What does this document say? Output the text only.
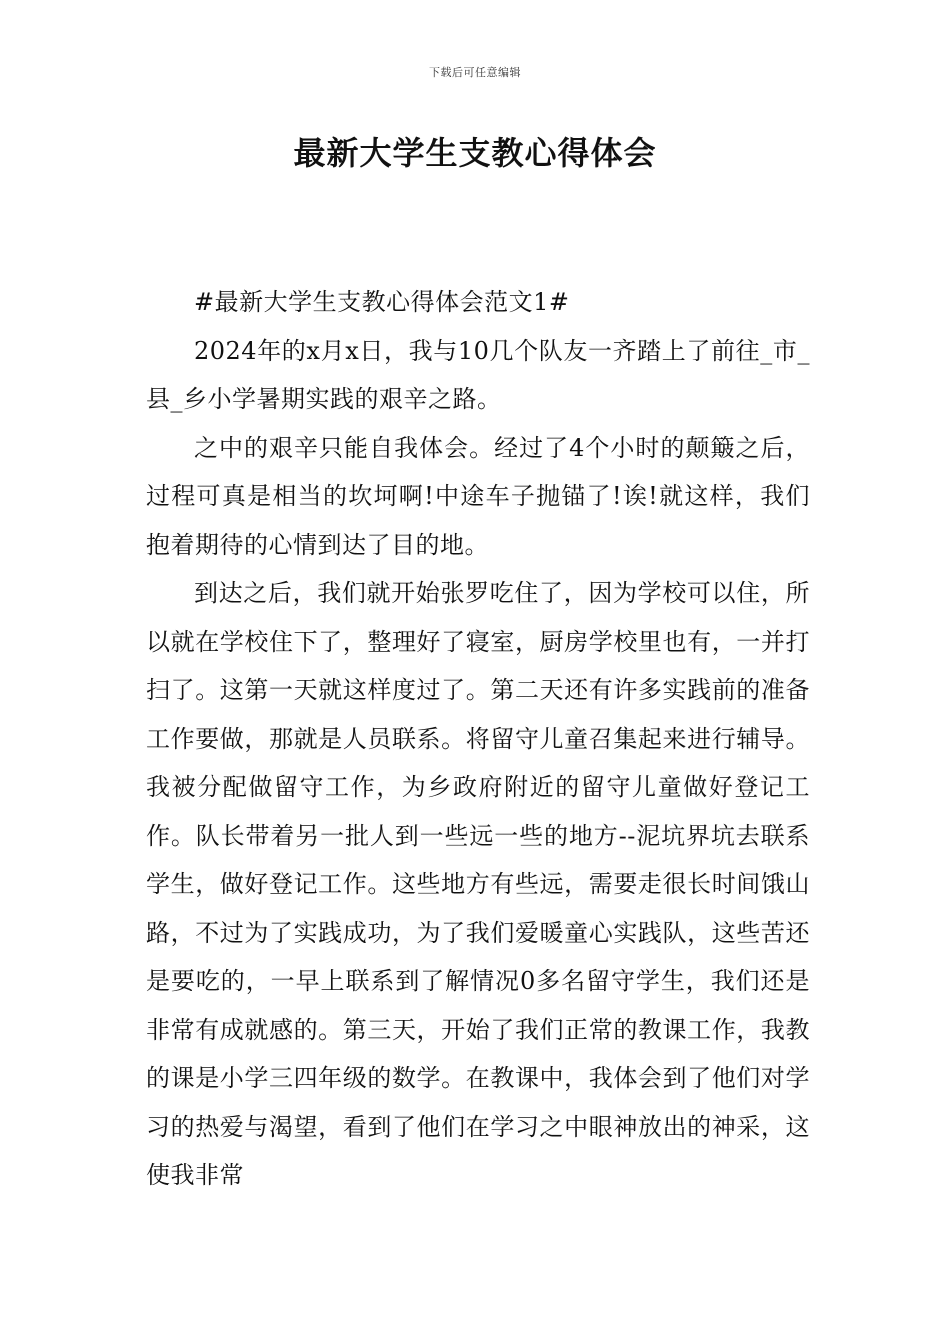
下载后可任意编辑
最新大学生支教心得体会

#最新大学生支教心得体会范文1#

2024年的x月x日，我与10几个队友一齐踏上了前往_市_县_乡小学暑期实践的艰辛之路。

之中的艰辛只能自我体会。经过了4个小时的颠簸之后，过程可真是相当的坎坷啊!中途车子抛锚了!诶!就这样，我们抱着期待的心情到达了目的地。

到达之后，我们就开始张罗吃住了，因为学校可以住，所以就在学校住下了，整理好了寝室，厨房学校里也有，一并打扫了。这第一天就这样度过了。第二天还有许多实践前的准备工作要做，那就是人员联系。将留守儿童召集起来进行辅导。我被分配做留守工作，为乡政府附近的留守儿童做好登记工作。队长带着另一批人到一些远一些的地方--泥坑界坑去联系学生，做好登记工作。这些地方有些远，需要走很长时间饿山路，不过为了实践成功，为了我们爱暖童心实践队，这些苦还是要吃的，一早上联系到了解情况0多名留守学生，我们还是非常有成就感的。第三天，开始了我们正常的教课工作，我教的课是小学三四年级的数学。在教课中，我体会到了他们对学习的热爱与渴望，看到了他们在学习之中眼神放出的神采，这使我非常
